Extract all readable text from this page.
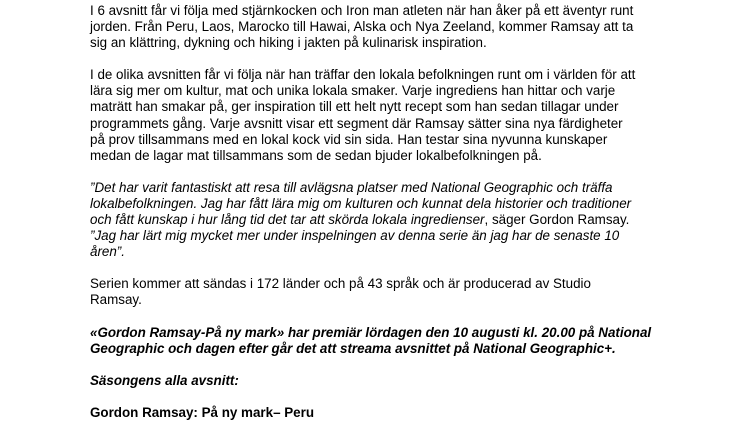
I 6 avsnitt får vi följa med stjärnkocken och Iron man atleten när han åker på ett äventyr runt
jorden. Från Peru, Laos, Marocko till Hawai, Alska och Nya Zeeland, kommer Ramsay att ta
sig an klättring, dykning och hiking i jakten på kulinarisk inspiration.

I de olika avsnitten får vi följa när han träffar den lokala befolkningen runt om i världen för att
lära sig mer om kultur, mat och unika lokala smaker. Varje ingrediens han hittar och varje
maträtt han smakar på, ger inspiration till ett helt nytt recept som han sedan tillagar under
programmets gång. Varje avsnitt visar ett segment där Ramsay sätter sina nya färdigheter
på prov tillsammans med en lokal kock vid sin sida. Han testar sina nyvunna kunskaper
medan de lagar mat tillsammans som de sedan bjuder lokalbefolkningen på.

”Det har varit fantastiskt att resa till avlägsna platser med National Geographic och träffa
lokalbefolkningen. Jag har fått lära mig om kulturen och kunnat dela historier och traditioner
och fått kunskap i hur lång tid det tar att skörda lokala ingredienser, säger Gordon Ramsay.
”Jag har lärt mig mycket mer under inspelningen av denna serie än jag har de senaste 10
åren”.

Serien kommer att sändas i 172 länder och på 43 språk och är producerad av Studio
Ramsay.

«Gordon Ramsay-På ny mark» har premiär lördagen den 10 augusti kl. 20.00 på National
Geographic och dagen efter går det att streama avsnittet på National Geographic+.

Säsongens alla avsnitt:

Gordon Ramsay: På ny mark– Peru
